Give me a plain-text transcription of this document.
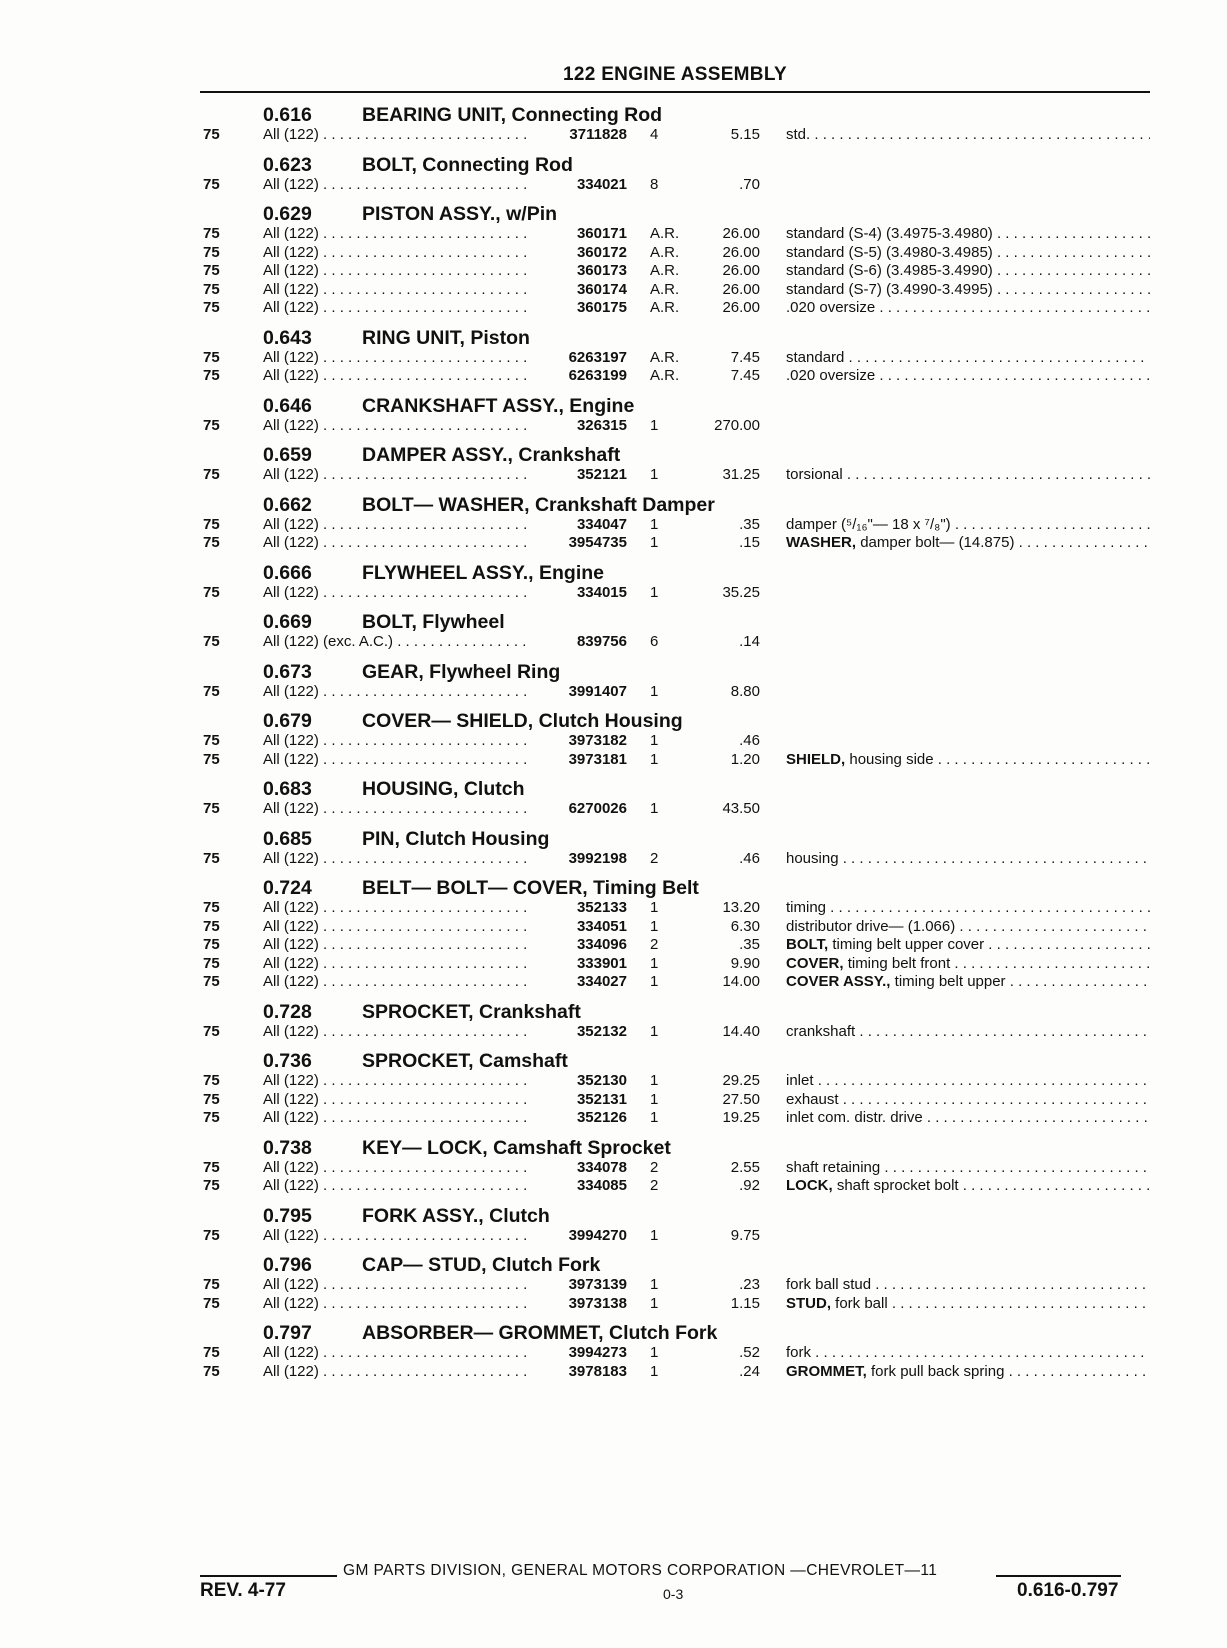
122 ENGINE ASSEMBLY
0.616	BEARING UNIT, Connecting Rod
75	All (122) . . .	3711828 4	5.15 std. . . .
0.623	BOLT, Connecting Rod
75	All (122) . . .	334021 8	.70
0.629	PISTON ASSY., w/Pin
75	All (122) . . .	360171 A.R.	26.00 standard (S-4) (3.4975-3.4980) . . .
75	All (122) . . .	360172 A.R.	26.00 standard (S-5) (3.4980-3.4985) . . .
75	All (122) . . .	360173 A.R.	26.00 standard (S-6) (3.4985-3.4990) . . .
75	All (122) . . .	360174 A.R.	26.00 standard (S-7) (3.4990-3.4995) . . .
75	All (122) . . .	360175 A.R.	26.00 .020 oversize . . .
0.643	RING UNIT, Piston
75	All (122) . . .	6263197 A.R.	7.45 standard . . .
75	All (122) . . .	6263199 A.R.	7.45 .020 oversize . . .
0.646	CRANKSHAFT ASSY., Engine
75	All (122) . . .	326315 1	270.00
0.659	DAMPER ASSY., Crankshaft
75	All (122) . . .	352121 1	31.25 torsional . . .
0.662	BOLT— WASHER, Crankshaft Damper
75	All (122) . . .	334047 1	.35 damper (⁵/₁₆"— 18 x ⁷/₈") . . .
75	All (122) . . .	3954735 1	.15 WASHER, damper bolt— (14.875) . . .
0.666	FLYWHEEL ASSY., Engine
75	All (122) . . .	334015 1	35.25
0.669	BOLT, Flywheel
75	All (122) (exc. A.C.) . . .	839756 6	.14
0.673	GEAR, Flywheel Ring
75	All (122) . . .	3991407 1	8.80
0.679	COVER— SHIELD, Clutch Housing
75	All (122) . . .	3973182 1	.46
75	All (122) . . .	3973181 1	1.20 SHIELD, housing side . . .
0.683	HOUSING, Clutch
75	All (122) . . .	6270026 1	43.50
0.685	PIN, Clutch Housing
75	All (122) . . .	3992198 2	.46 housing . . .
0.724	BELT— BOLT— COVER, Timing Belt
75	All (122) . . .	352133 1	13.20 timing . . .
75	All (122) . . .	334051 1	6.30 distributor drive— (1.066) . . .
75	All (122) . . .	334096 2	.35 BOLT, timing belt upper cover . . .
75	All (122) . . .	333901 1	9.90 COVER, timing belt front . . .
75	All (122) . . .	334027 1	14.00 COVER ASSY., timing belt upper . . .
0.728	SPROCKET, Crankshaft
75	All (122) . . .	352132 1	14.40 crankshaft . . .
0.736	SPROCKET, Camshaft
75	All (122) . . .	352130 1	29.25 inlet . . .
75	All (122) . . .	352131 1	27.50 exhaust . . .
75	All (122) . . .	352126 1	19.25 inlet com. distr. drive . . .
0.738	KEY— LOCK, Camshaft Sprocket
75	All (122) . . .	334078 2	2.55 shaft retaining . . .
75	All (122) . . .	334085 2	.92 LOCK, shaft sprocket bolt . . .
0.795	FORK ASSY., Clutch
75	All (122) . . .	3994270 1	9.75
0.796	CAP— STUD, Clutch Fork
75	All (122) . . .	3973139 1	.23 fork ball stud . . .
75	All (122) . . .	3973138 1	1.15 STUD, fork ball . . .
0.797	ABSORBER— GROMMET, Clutch Fork
75	All (122) . . .	3994273 1	.52 fork . . .
75	All (122) . . .	3978183 1	.24 GROMMET, fork pull back spring . . .
GM PARTS DIVISION, GENERAL MOTORS CORPORATION —CHEVROLET—11
REV. 4-77	0-3	0.616-0.797
